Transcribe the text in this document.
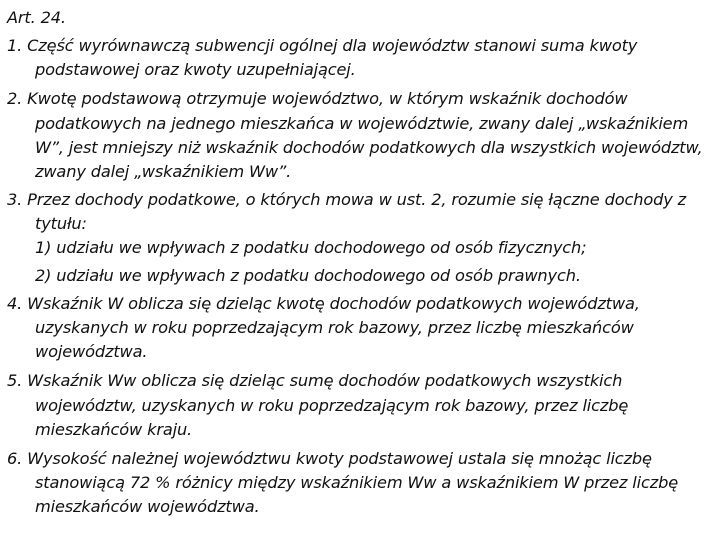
Art. 24.
1. Część wyrównawczą subwencji ogólnej dla województw stanowi suma kwoty
podstawowej oraz kwoty uzupełniającej.
2. Kwotę podstawową otrzymuje województwo, w którym wskaźnik dochodów
podatkowych na jednego mieszkańca w województwie, zwany dalej „wskaźnikiem
W”, jest mniejszy niż wskaźnik dochodów podatkowych dla wszystkich województw,
zwany dalej „wskaźnikiem Ww”.
3. Przez dochody podatkowe, o których mowa w ust. 2, rozumie się łączne dochody z
tytułu:
1) udziału we wpływach z podatku dochodowego od osób fizycznych;
2) udziału we wpływach z podatku dochodowego od osób prawnych.
4. Wskaźnik W oblicza się dzieląc kwotę dochodów podatkowych województwa,
uzyskanych w roku poprzedzającym rok bazowy, przez liczbę mieszkańców
województwa.
5. Wskaźnik Ww oblicza się dzieląc sumę dochodów podatkowych wszystkich
województw, uzyskanych w roku poprzedzającym rok bazowy, przez liczbę
mieszkańców kraju.
6. Wysokość należnej województwu kwoty podstawowej ustala się mnożąc liczbę
stanowiącą 72 % różnicy między wskaźnikiem Ww a wskaźnikiem W przez liczbę
mieszkańców województwa.
